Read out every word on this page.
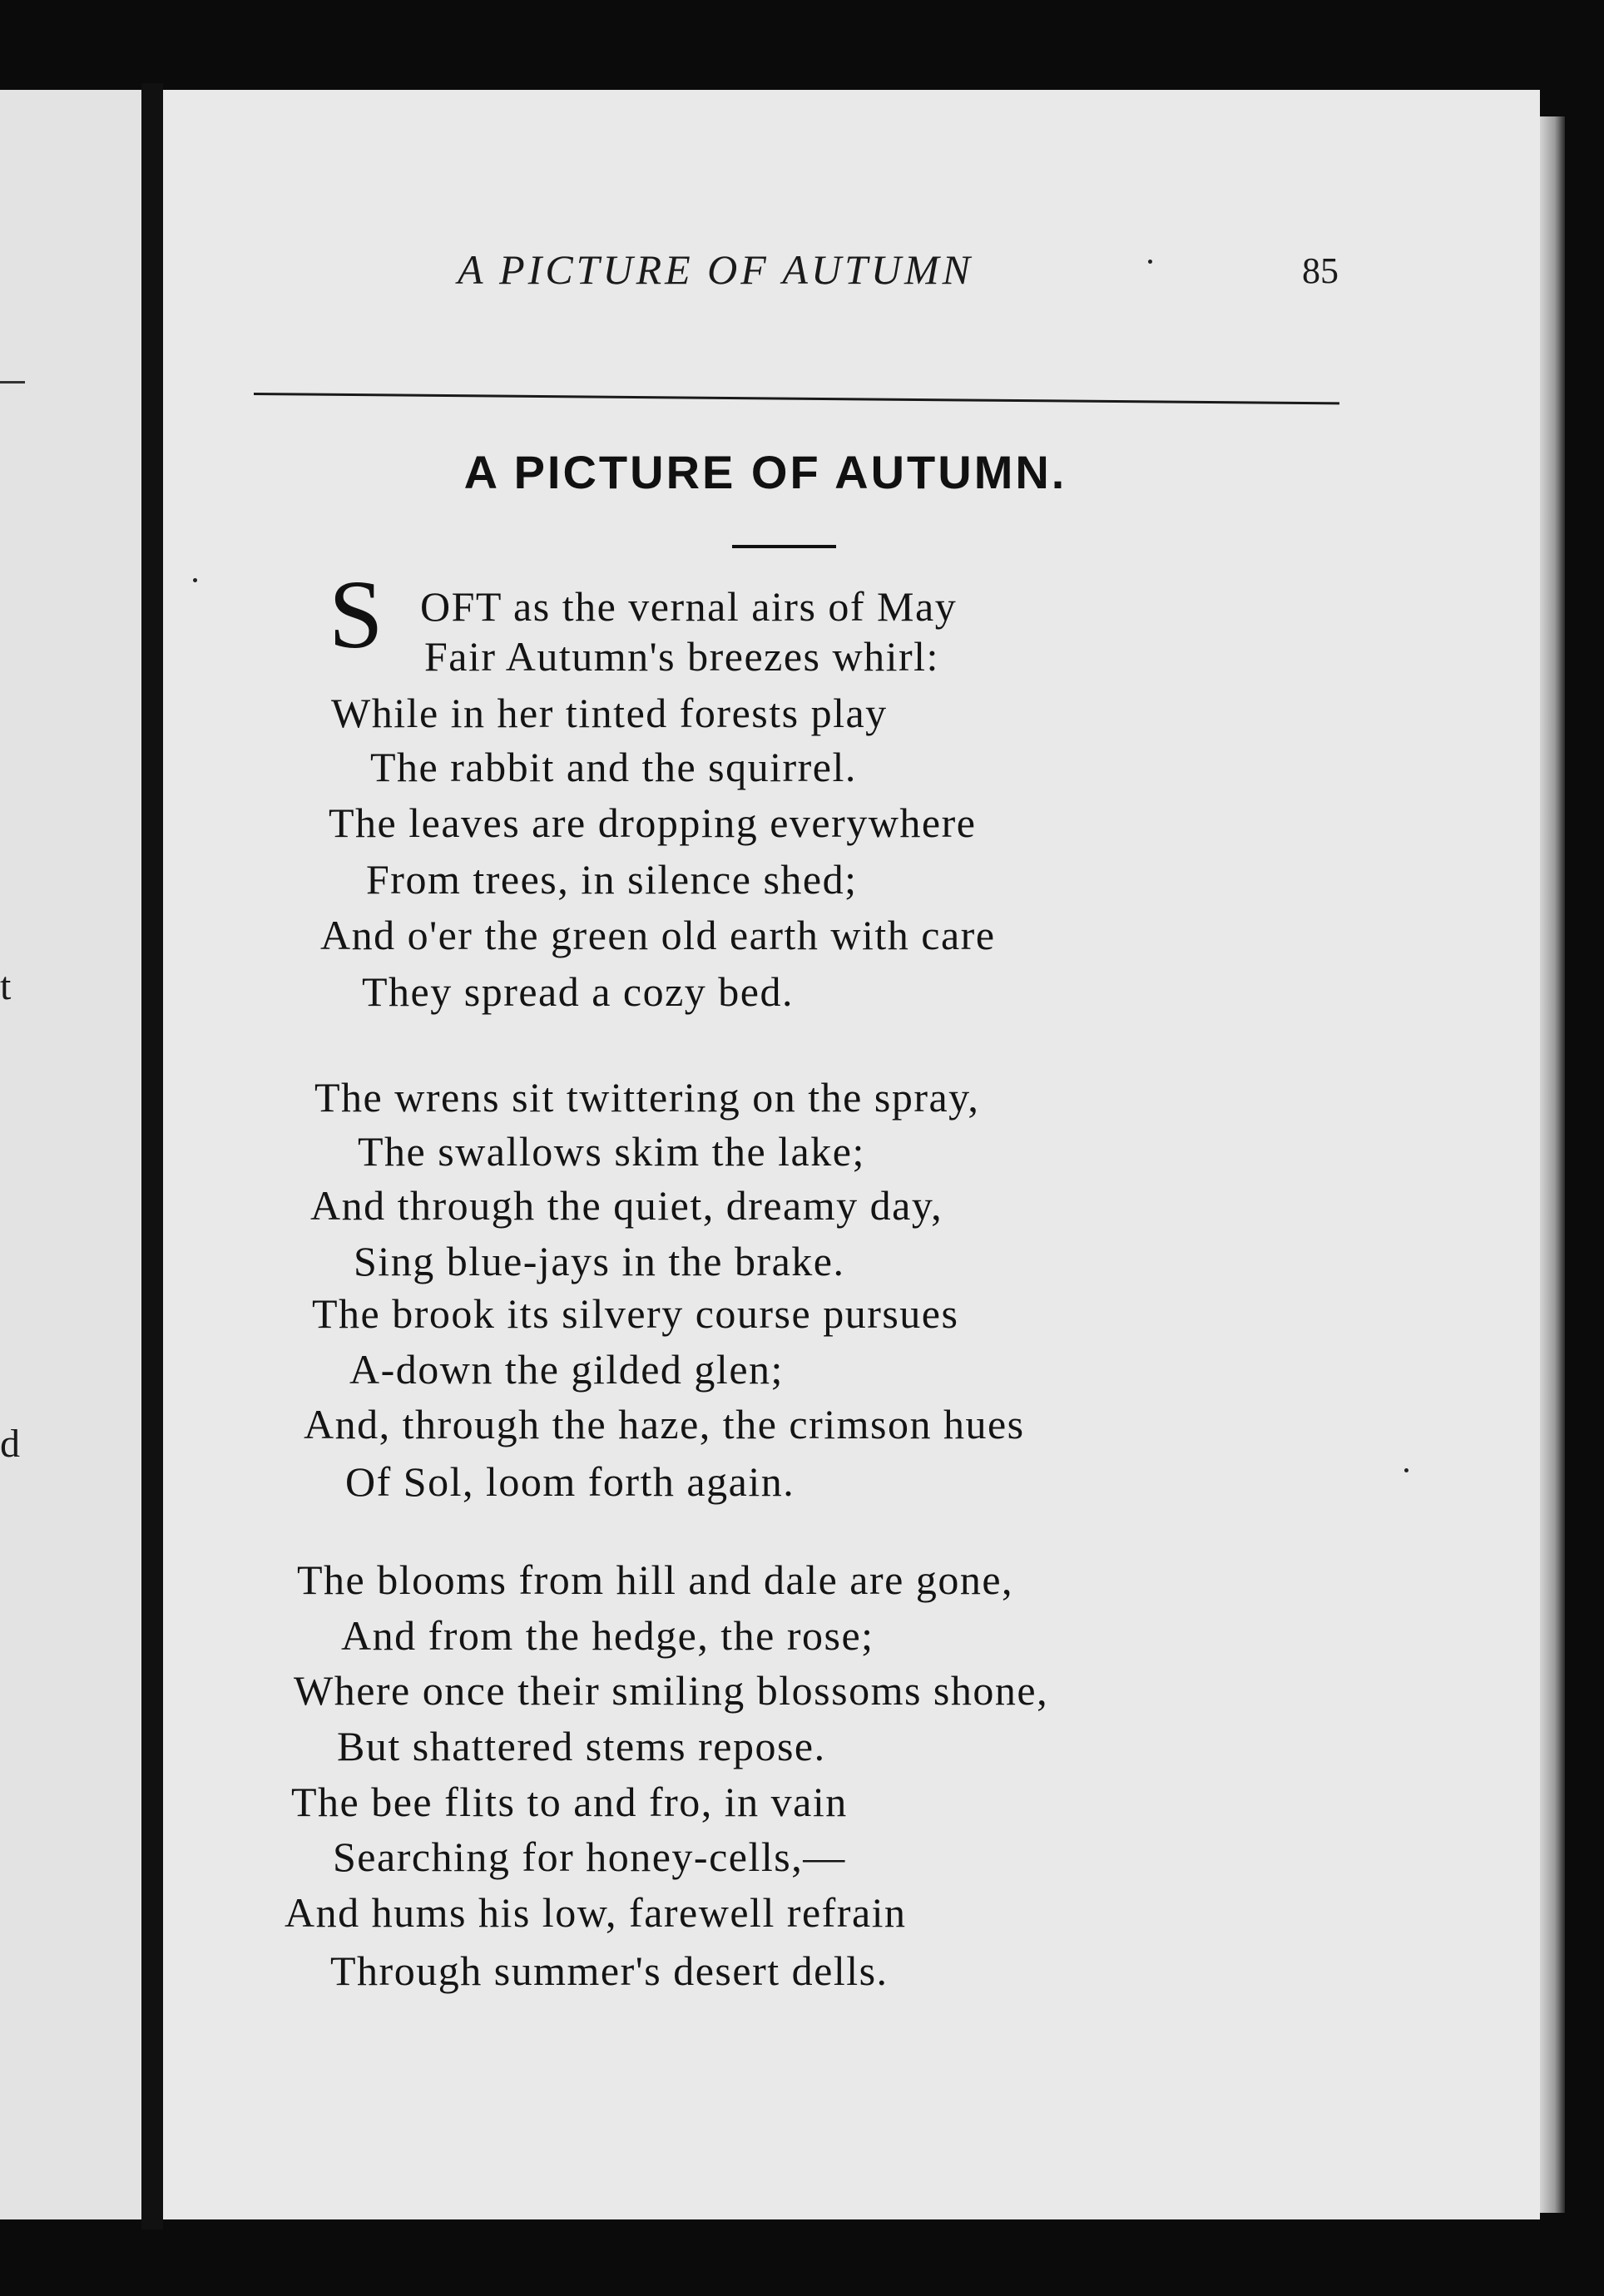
t
d
A PICTURE OF AUTUMN	85
A PICTURE OF AUTUMN.
S OFT as the vernal airs of May
Fair Autumn's breezes whirl:
While in her tinted forests play
The rabbit and the squirrel.
The leaves are dropping everywhere
From trees, in silence shed;
And o'er the green old earth with care
They spread a cozy bed.
The wrens sit twittering on the spray,
The swallows skim the lake;
And through the quiet, dreamy day,
Sing blue-jays in the brake.
The brook its silvery course pursues
A-down the gilded glen;
And, through the haze, the crimson hues
Of Sol, loom forth again.
The blooms from hill and dale are gone,
And from the hedge, the rose;
Where once their smiling blossoms shone,
But shattered stems repose.
The bee flits to and fro, in vain
Searching for honey-cells,—
And hums his low, farewell refrain
Through summer's desert dells.
